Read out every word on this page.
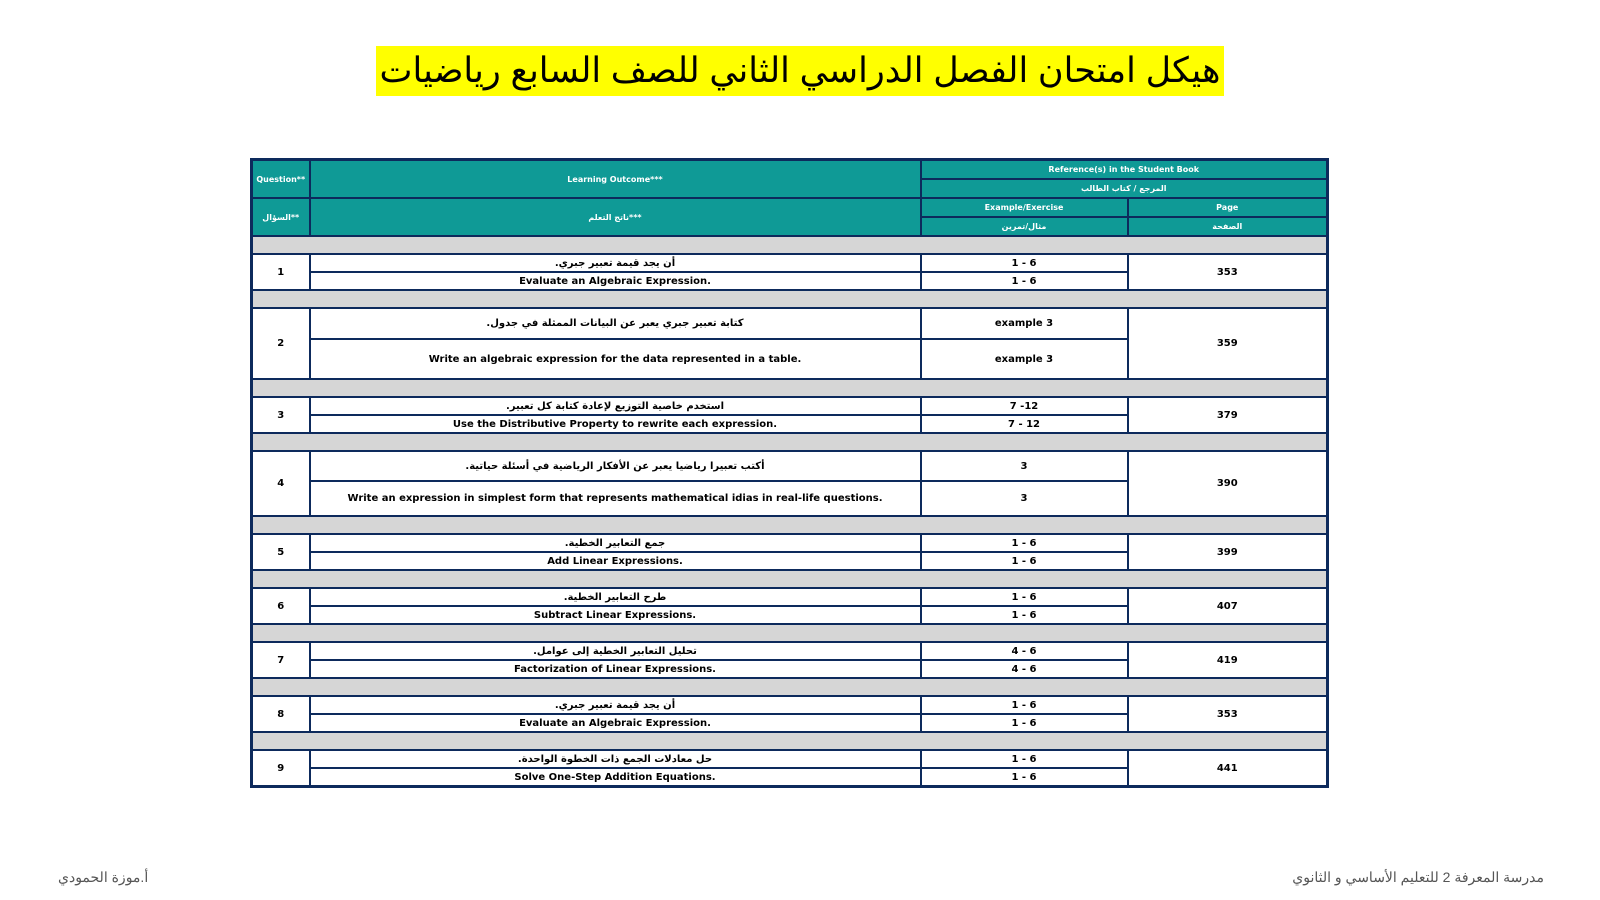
هيكل امتحان الفصل الدراسي الثاني للصف السابع رياضيات
Question**	Learning Outcome***	Reference(s) in the Student Book	
		المرجع / كتاب الطالب	
السؤال**	ناتج التعلم***	Example/Exercise	Page
		مثال/تمرين	الصفحة

1	أن يجد قيمة تعبير جبري.	1 - 6	353
	Evaluate an Algebraic Expression.	1 - 6	

2	كتابة تعبير جبري يعبر عن البيانات الممثلة في جدول.	example 3	359
	Write an algebraic expression for the data represented in a table.	example 3	

3	استخدم خاصية التوزيع لإعادة كتابة كل تعبير.	7 -12	379
	Use the Distributive Property to rewrite each expression.	7 - 12	

4	أكتب تعبيرا رياضيا يعبر عن الأفكار الرياضية في أسئلة حياتية.	3	390
	Write an expression in simplest form that represents mathematical idias in real-life questions.	3	

5	جمع التعابير الخطية.	1 - 6	399
	Add Linear Expressions.	1 - 6	

6	طرح التعابير الخطية.	1 - 6	407
	Subtract Linear Expressions.	1 - 6	

7	تحليل التعابير الخطية إلى عوامل.	4 - 6	419
	Factorization of Linear Expressions.	4 - 6	

8	أن يجد قيمة تعبير جبري.	1 - 6	353
	Evaluate an Algebraic Expression.	1 - 6	

9	حل معادلات الجمع ذات الخطوة الواحدة.	1 - 6	441
	Solve One-Step Addition Equations.	1 - 6	
مدرسة المعرفة 2 للتعليم الأساسي و الثانوي
أ.موزة الحمودي
